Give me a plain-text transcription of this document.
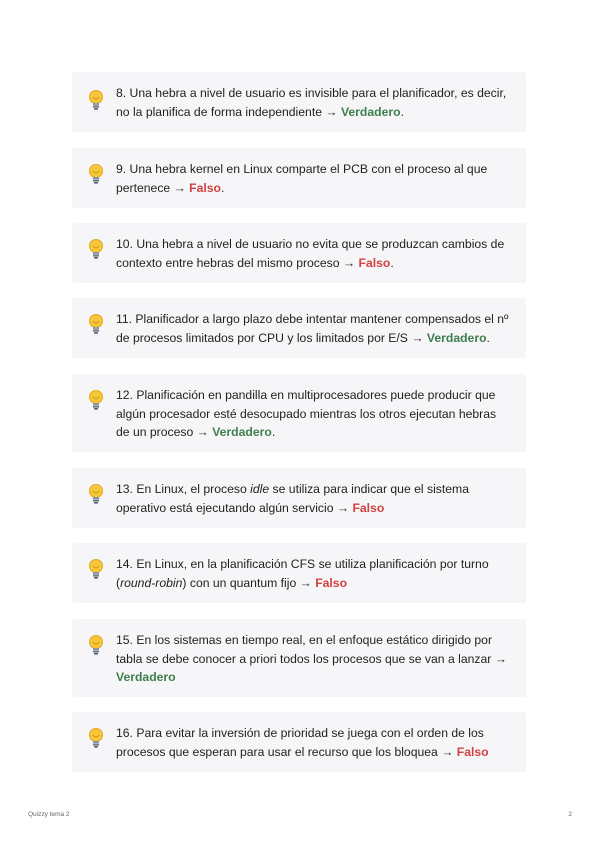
8. Una hebra a nivel de usuario es invisible para el planificador, es decir, no la planifica de forma independiente → Verdadero.
9. Una hebra kernel en Linux comparte el PCB con el proceso al que pertenece → Falso.
10. Una hebra a nivel de usuario no evita que se produzcan cambios de contexto entre hebras del mismo proceso → Falso.
11. Planificador a largo plazo debe intentar mantener compensados el nº de procesos limitados por CPU y los limitados por E/S → Verdadero.
12. Planificación en pandilla en multiprocesadores puede producir que algún procesador esté desocupado mientras los otros ejecutan hebras de un proceso → Verdadero.
13. En Linux, el proceso idle se utiliza para indicar que el sistema operativo está ejecutando algún servicio → Falso
14. En Linux, en la planificación CFS se utiliza planificación por turno (round-robin) con un quantum fijo → Falso
15. En los sistemas en tiempo real, en el enfoque estático dirigido por tabla se debe conocer a priori todos los procesos que se van a lanzar → Verdadero
16. Para evitar la inversión de prioridad se juega con el orden de los procesos que esperan para usar el recurso que los bloquea → Falso
Quizzy tema 2	2
